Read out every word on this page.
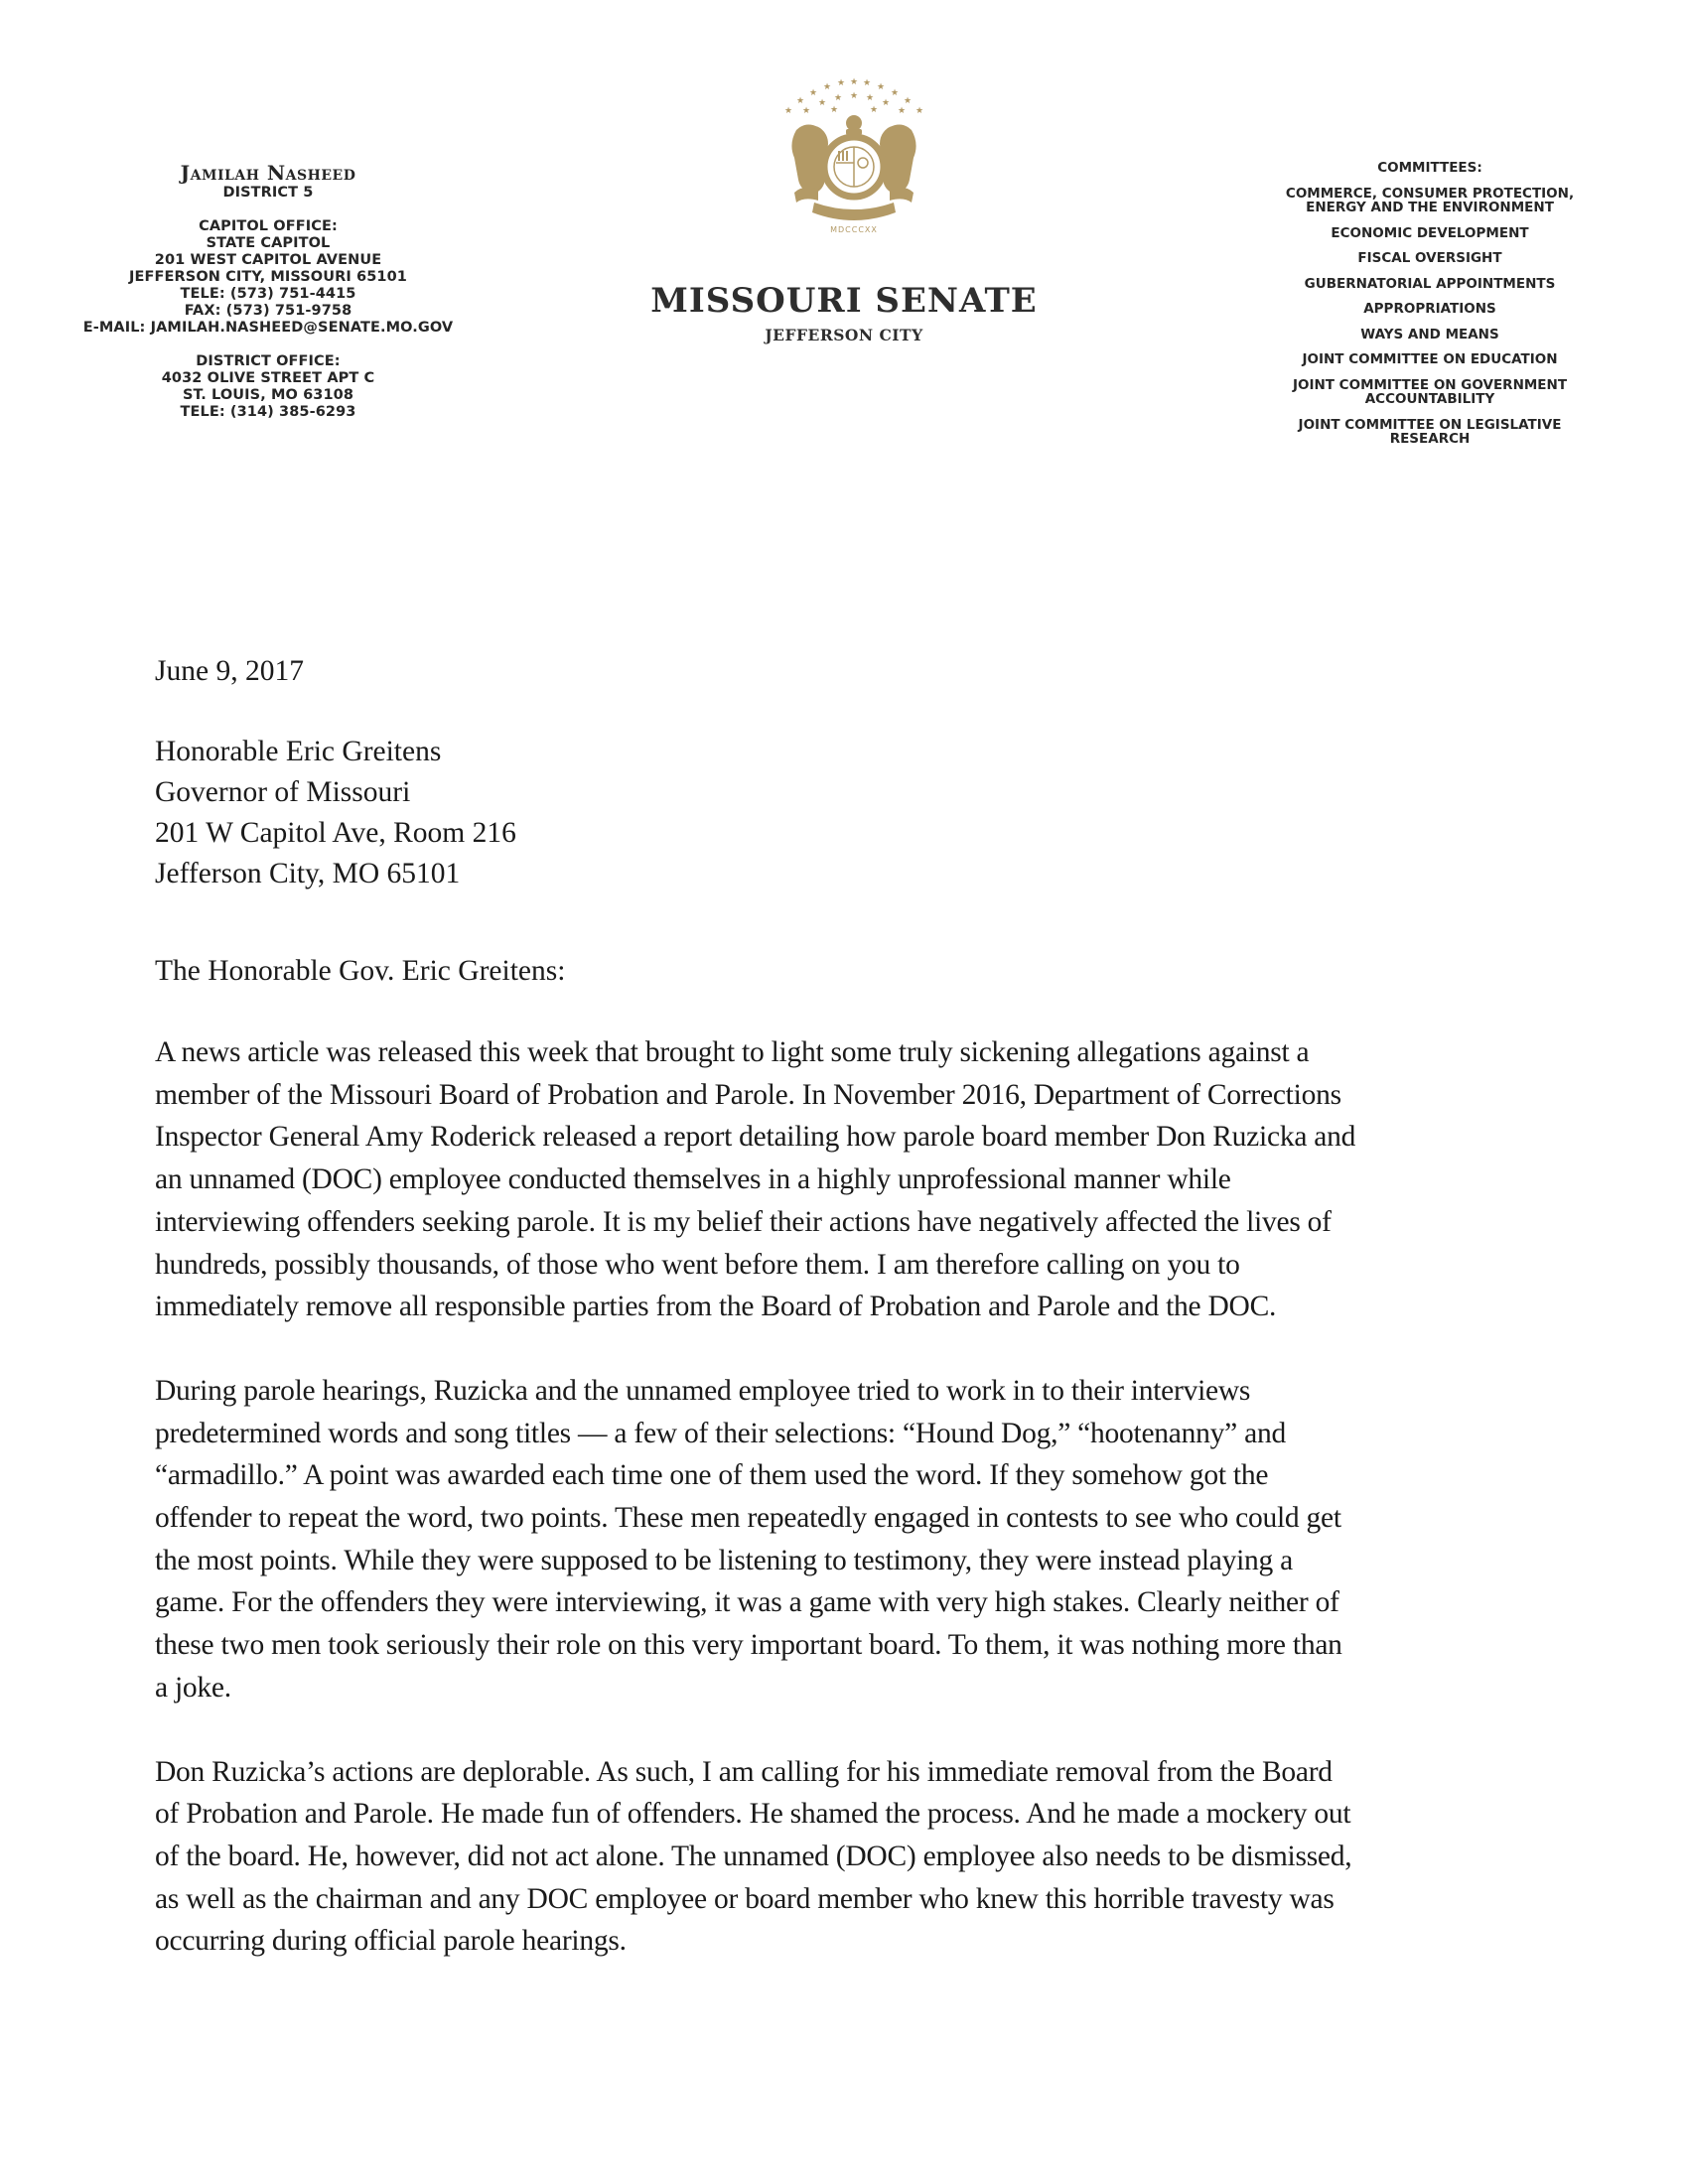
Jamilah Nasheed
DISTRICT 5
CAPITOL OFFICE:
STATE CAPITOL
201 WEST CAPITOL AVENUE
JEFFERSON CITY, MISSOURI 65101
TELE: (573) 751-4415
FAX: (573) 751-9758
E-MAIL: JAMILAH.NASHEED@SENATE.MO.GOV
DISTRICT OFFICE:
4032 OLIVE STREET APT C
ST. LOUIS, MO 63108
TELE: (314) 385-6293
★
★
★
★ ★ ★ ★ ★
★
★
★
★
★ ★ ★ ★ ★
★
★	★
MDCCCXX
MISSOURI SENATE
JEFFERSON CITY
COMMITTEES:
COMMERCE, CONSUMER PROTECTION,
ENERGY AND THE ENVIRONMENT
ECONOMIC DEVELOPMENT
FISCAL OVERSIGHT
GUBERNATORIAL APPOINTMENTS
APPROPRIATIONS
WAYS AND MEANS
JOINT COMMITTEE ON EDUCATION
JOINT COMMITTEE ON GOVERNMENT
ACCOUNTABILITY
JOINT COMMITTEE ON LEGISLATIVE
RESEARCH
June 9, 2017
Honorable Eric Greitens
Governor of Missouri
201 W Capitol Ave, Room 216
Jefferson City, MO 65101
The Honorable Gov. Eric Greitens:

A news article was released this week that brought to light some truly sickening allegations against a
member of the Missouri Board of Probation and Parole. In November 2016, Department of Corrections
Inspector General Amy Roderick released a report detailing how parole board member Don Ruzicka and
an unnamed (DOC) employee conducted themselves in a highly unprofessional manner while
interviewing offenders seeking parole. It is my belief their actions have negatively affected the lives of
hundreds, possibly thousands, of those who went before them. I am therefore calling on you to
immediately remove all responsible parties from the Board of Probation and Parole and the DOC.

During parole hearings, Ruzicka and the unnamed employee tried to work in to their interviews
predetermined words and song titles — a few of their selections: “Hound Dog,” “hootenanny” and
“armadillo.” A point was awarded each time one of them used the word. If they somehow got the
offender to repeat the word, two points. These men repeatedly engaged in contests to see who could get
the most points. While they were supposed to be listening to testimony, they were instead playing a
game. For the offenders they were interviewing, it was a game with very high stakes. Clearly neither of
these two men took seriously their role on this very important board. To them, it was nothing more than
a joke.

Don Ruzicka’s actions are deplorable. As such, I am calling for his immediate removal from the Board
of Probation and Parole. He made fun of offenders. He shamed the process. And he made a mockery out
of the board. He, however, did not act alone. The unnamed (DOC) employee also needs to be dismissed,
as well as the chairman and any DOC employee or board member who knew this horrible travesty was
occurring during official parole hearings.
